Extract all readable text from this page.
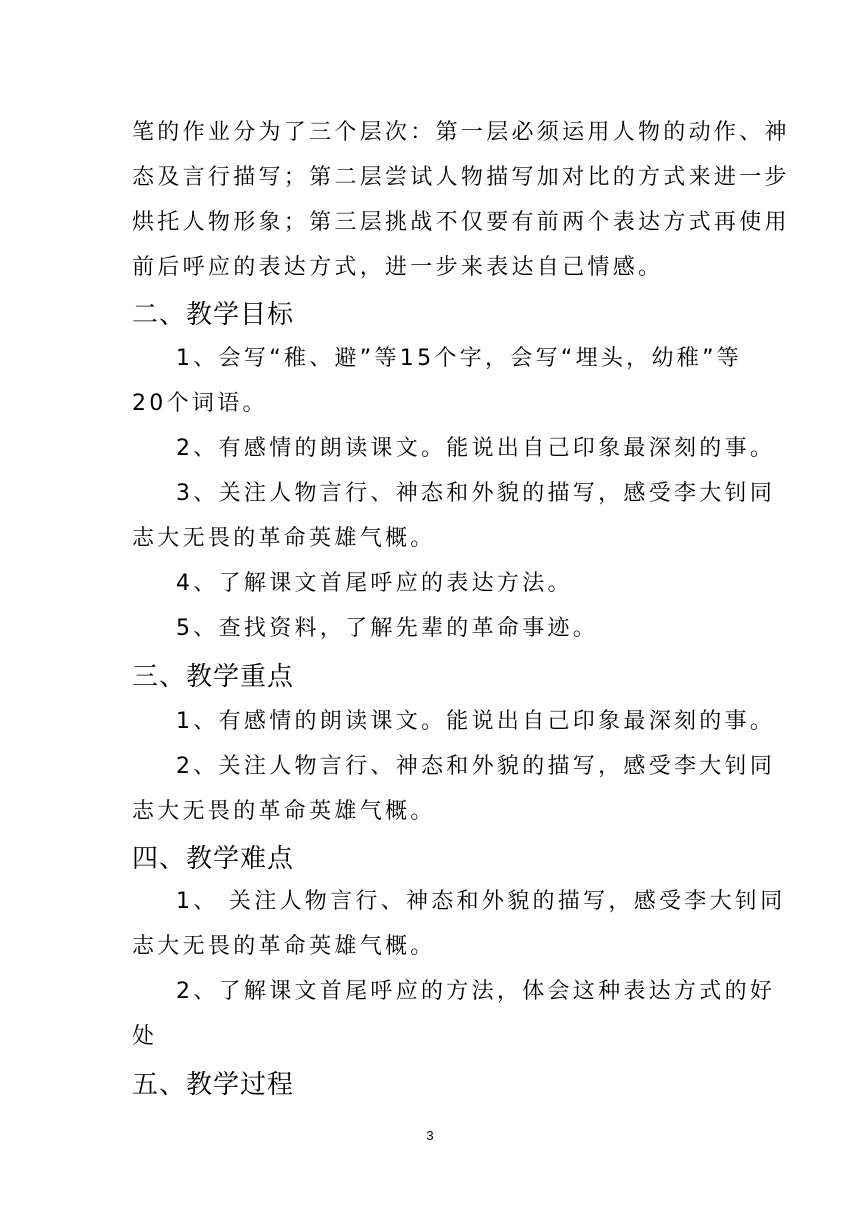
笔的作业分为了三个层次：第一层必须运用人物的动作、神
态及言行描写；第二层尝试人物描写加对比的方式来进一步
烘托人物形象；第三层挑战不仅要有前两个表达方式再使用
前后呼应的表达方式，进一步来表达自己情感。
二、教学目标
1、会写“稚、避”等15个字，会写“埋头，幼稚”等
20个词语。
2、有感情的朗读课文。能说出自己印象最深刻的事。
3、关注人物言行、神态和外貌的描写，感受李大钊同
志大无畏的革命英雄气概。
4、了解课文首尾呼应的表达方法。
5、查找资料，了解先辈的革命事迹。
三、教学重点
1、有感情的朗读课文。能说出自己印象最深刻的事。
2、关注人物言行、神态和外貌的描写，感受李大钊同
志大无畏的革命英雄气概。
四、教学难点
1、 关注人物言行、神态和外貌的描写，感受李大钊同
志大无畏的革命英雄气概。
2、了解课文首尾呼应的方法，体会这种表达方式的好
处
五、教学过程
3
